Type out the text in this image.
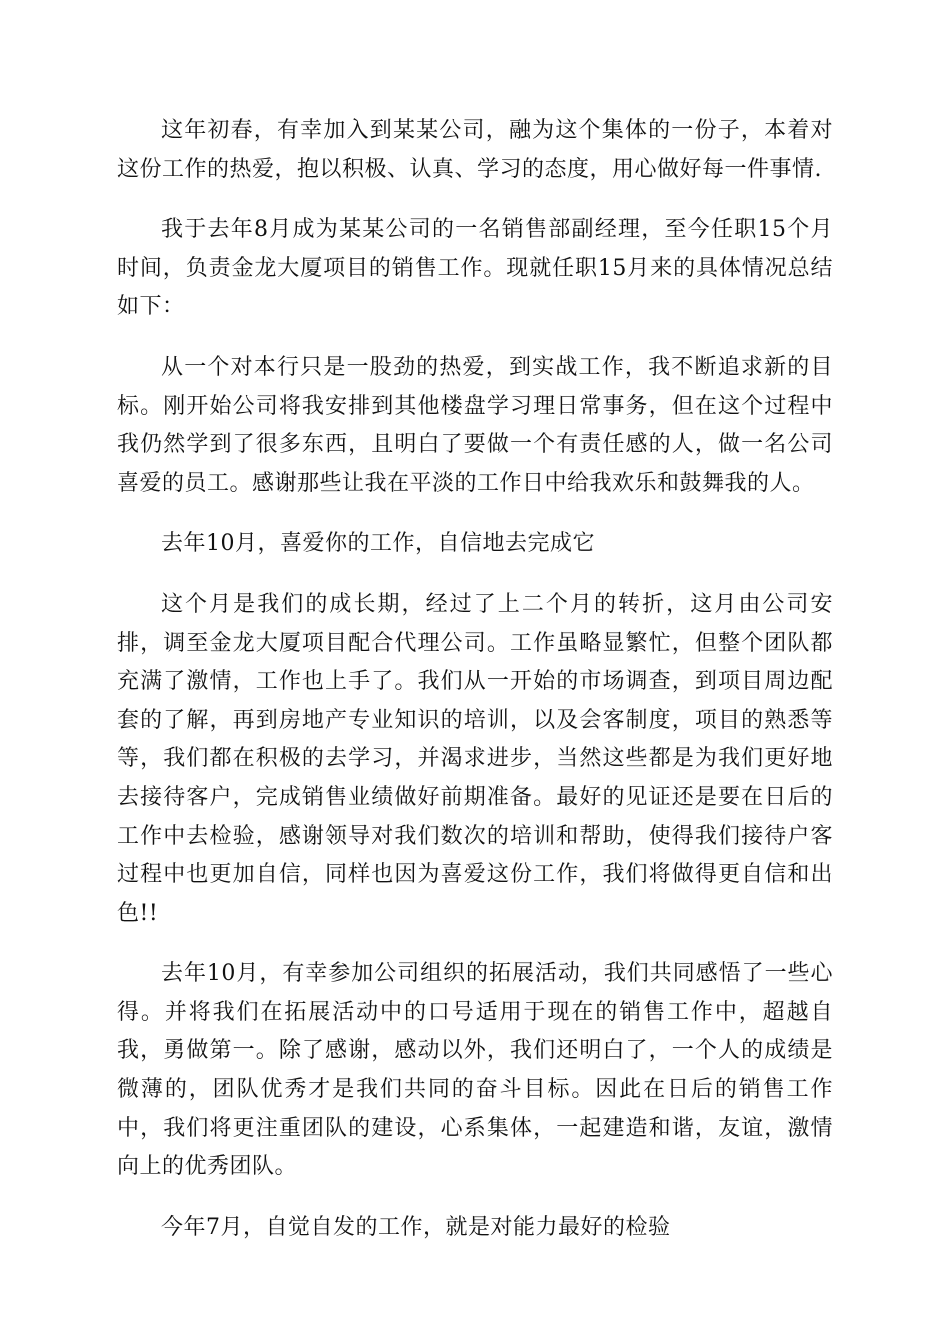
这年初春，有幸加入到某某公司，融为这个集体的一份子，本着对这份工作的热爱，抱以积极、认真、学习的态度，用心做好每一件事情.

我于去年8月成为某某公司的一名销售部副经理，至今任职15个月时间，负责金龙大厦项目的销售工作。现就任职15月来的具体情况总结如下：

从一个对本行只是一股劲的热爱，到实战工作，我不断追求新的目标。刚开始公司将我安排到其他楼盘学习理日常事务，但在这个过程中我仍然学到了很多东西，且明白了要做一个有责任感的人，做一名公司喜爱的员工。感谢那些让我在平淡的工作日中给我欢乐和鼓舞我的人。

去年10月，喜爱你的工作，自信地去完成它

这个月是我们的成长期，经过了上二个月的转折，这月由公司安排，调至金龙大厦项目配合代理公司。工作虽略显繁忙，但整个团队都充满了激情，工作也上手了。我们从一开始的市场调查，到项目周边配套的了解，再到房地产专业知识的培训，以及会客制度，项目的熟悉等等，我们都在积极的去学习，并渴求进步，当然这些都是为我们更好地去接待客户，完成销售业绩做好前期准备。最好的见证还是要在日后的工作中去检验，感谢领导对我们数次的培训和帮助，使得我们接待户客过程中也更加自信，同样也因为喜爱这份工作，我们将做得更自信和出色!!

去年10月，有幸参加公司组织的拓展活动，我们共同感悟了一些心得。并将我们在拓展活动中的口号适用于现在的销售工作中，超越自我，勇做第一。除了感谢，感动以外，我们还明白了，一个人的成绩是微薄的，团队优秀才是我们共同的奋斗目标。因此在日后的销售工作中，我们将更注重团队的建设，心系集体，一起建造和谐，友谊，激情向上的优秀团队。

今年7月，自觉自发的工作，就是对能力最好的检验
